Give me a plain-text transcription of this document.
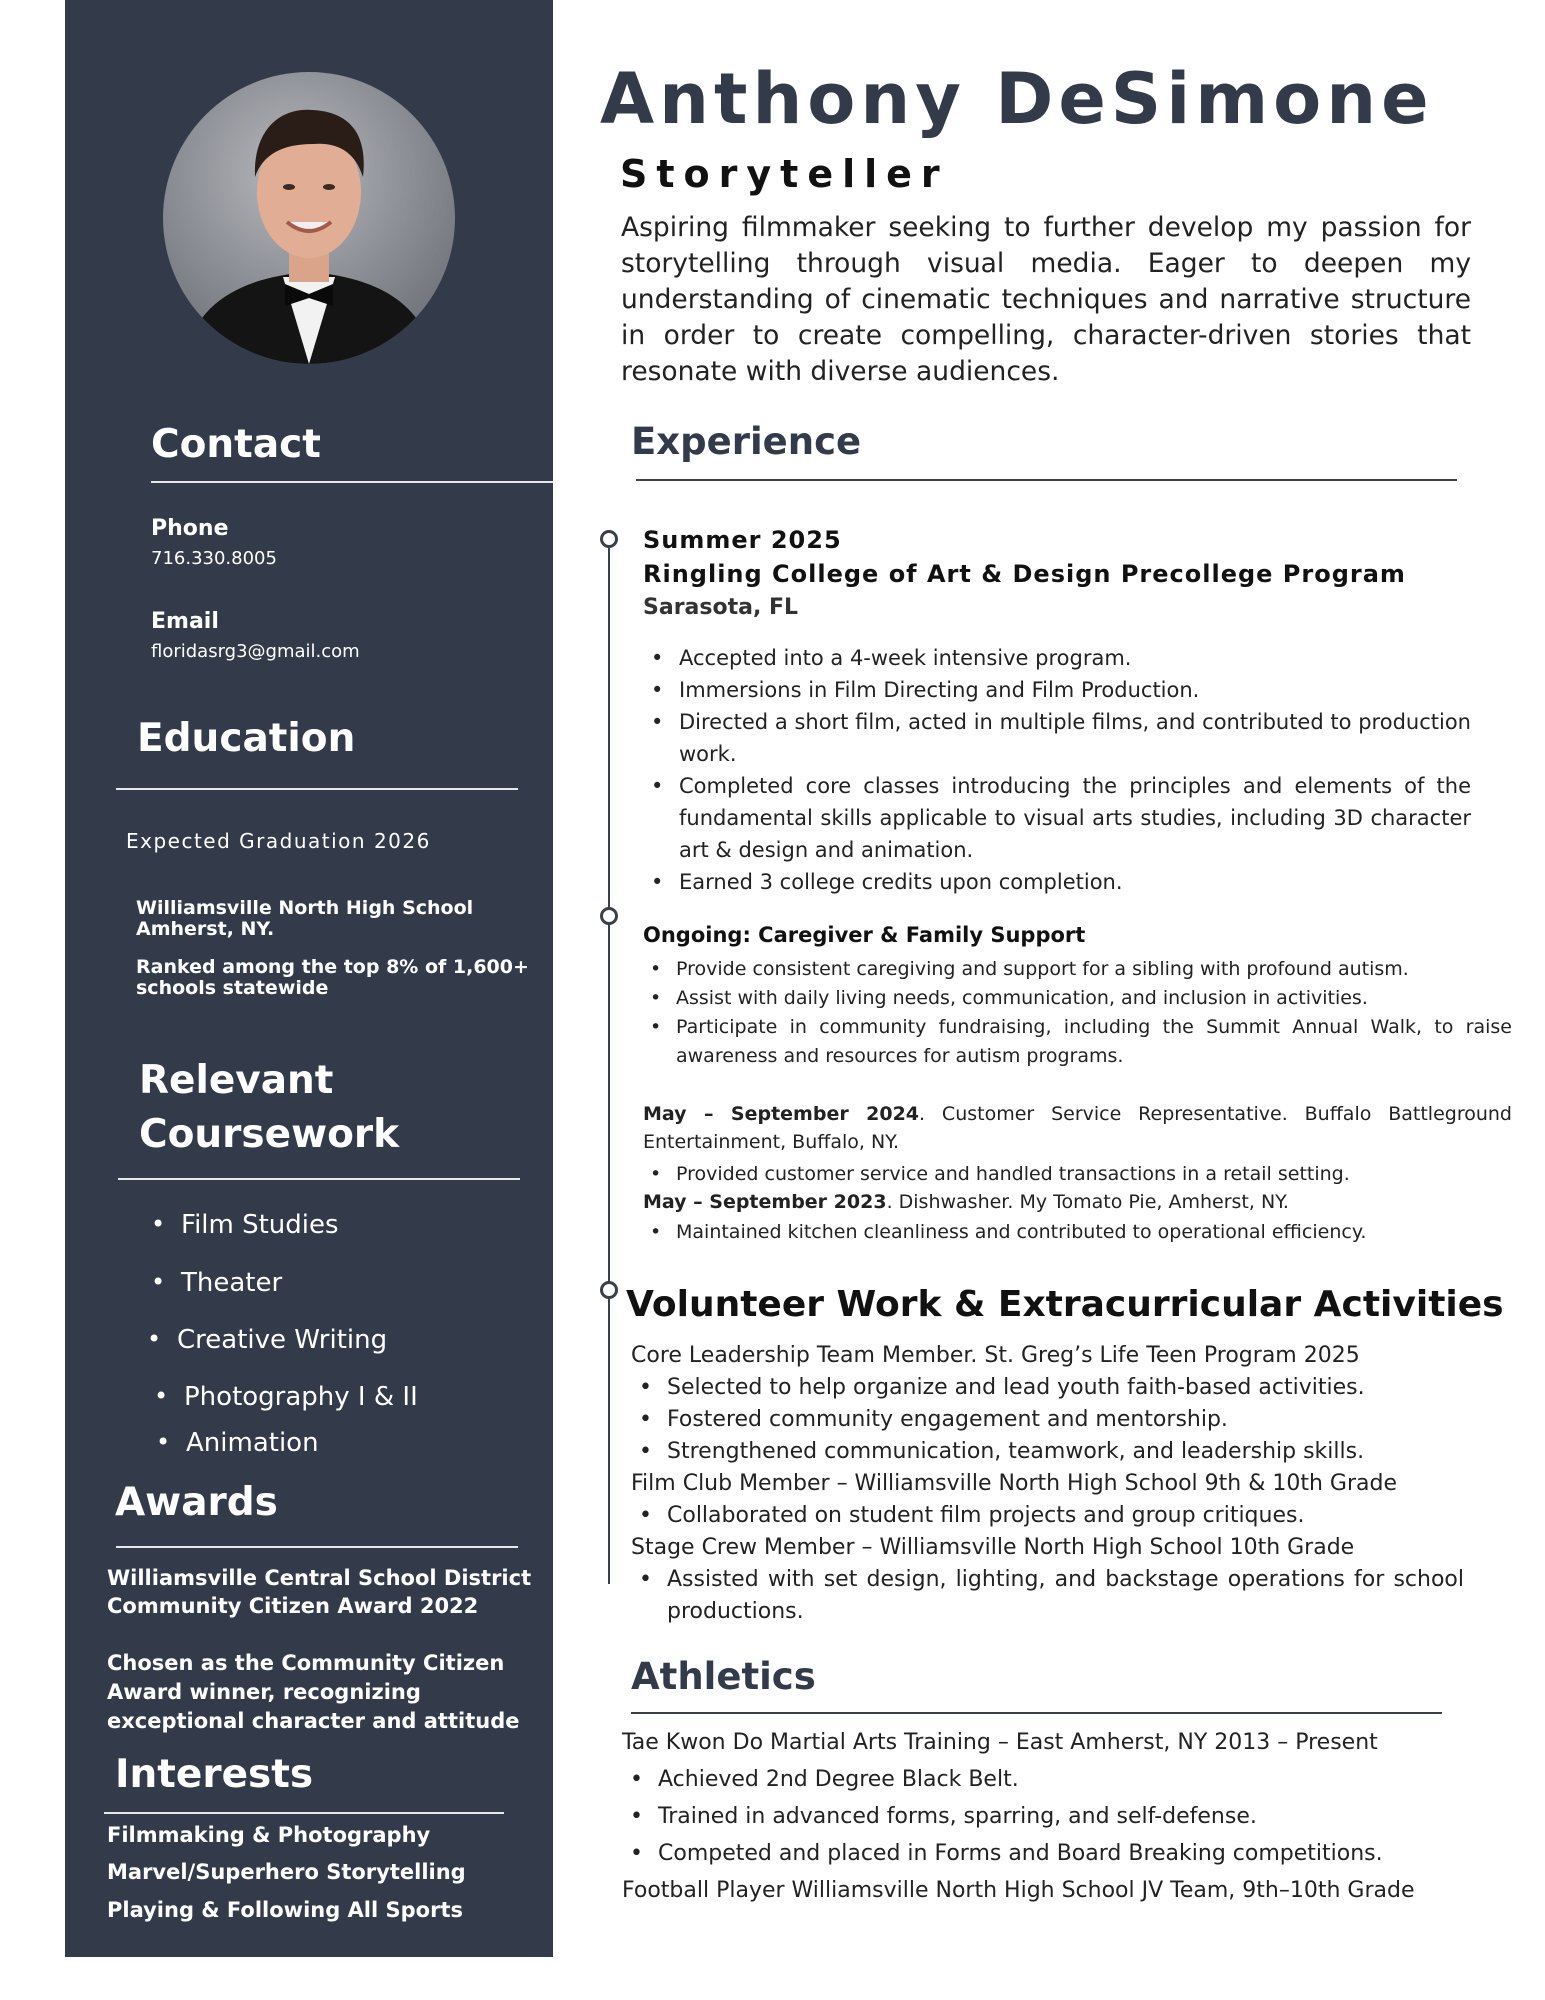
Contact
Phone
716.330.8005
Email
floridasrg3@gmail.com
Education
Expected Graduation 2026
Williamsville North High School
Amherst, NY.
Ranked among the top 8% of 1,600+
schools statewide
Relevant
Coursework
• Film Studies
• Theater
• Creative Writing
• Photography I & II
• Animation
Awards
Williamsville Central School District
Community Citizen Award 2022
Chosen as the Community Citizen
Award winner, recognizing
exceptional character and attitude
Interests
Filmmaking & Photography
Marvel/Superhero Storytelling
Playing & Following All Sports
Anthony DeSimone
Storyteller
Aspiring filmmaker seeking to further develop my passion for storytelling through visual media. Eager to deepen my understanding of cinematic techniques and narrative structure in order to create compelling, character-driven stories that resonate with diverse audiences.
Experience
Summer 2025
Ringling College of Art & Design Precollege Program
Sarasota, FL
• Accepted into a 4-week intensive program.
• Immersions in Film Directing and Film Production.
• Directed a short film, acted in multiple films, and contributed to production work.
• Completed core classes introducing the principles and elements of the fundamental skills applicable to visual arts studies, including 3D character art & design and animation.
• Earned 3 college credits upon completion.
Ongoing: Caregiver & Family Support
• Provide consistent caregiving and support for a sibling with profound autism.
• Assist with daily living needs, communication, and inclusion in activities.
• Participate in community fundraising, including the Summit Annual Walk, to raise awareness and resources for autism programs.
May – September 2024. Customer Service Representative. Buffalo Battleground Entertainment, Buffalo, NY.
• Provided customer service and handled transactions in a retail setting.
May – September 2023. Dishwasher. My Tomato Pie, Amherst, NY.
• Maintained kitchen cleanliness and contributed to operational efficiency.
Volunteer Work & Extracurricular Activities
Core Leadership Team Member. St. Greg’s Life Teen Program 2025
• Selected to help organize and lead youth faith-based activities.
• Fostered community engagement and mentorship.
• Strengthened communication, teamwork, and leadership skills.
Film Club Member – Williamsville North High School 9th & 10th Grade
• Collaborated on student film projects and group critiques.
Stage Crew Member – Williamsville North High School 10th Grade
• Assisted with set design, lighting, and backstage operations for school productions.
Athletics
Tae Kwon Do Martial Arts Training – East Amherst, NY 2013 – Present
• Achieved 2nd Degree Black Belt.
• Trained in advanced forms, sparring, and self-defense.
• Competed and placed in Forms and Board Breaking competitions.
Football Player Williamsville North High School JV Team, 9th–10th Grade
